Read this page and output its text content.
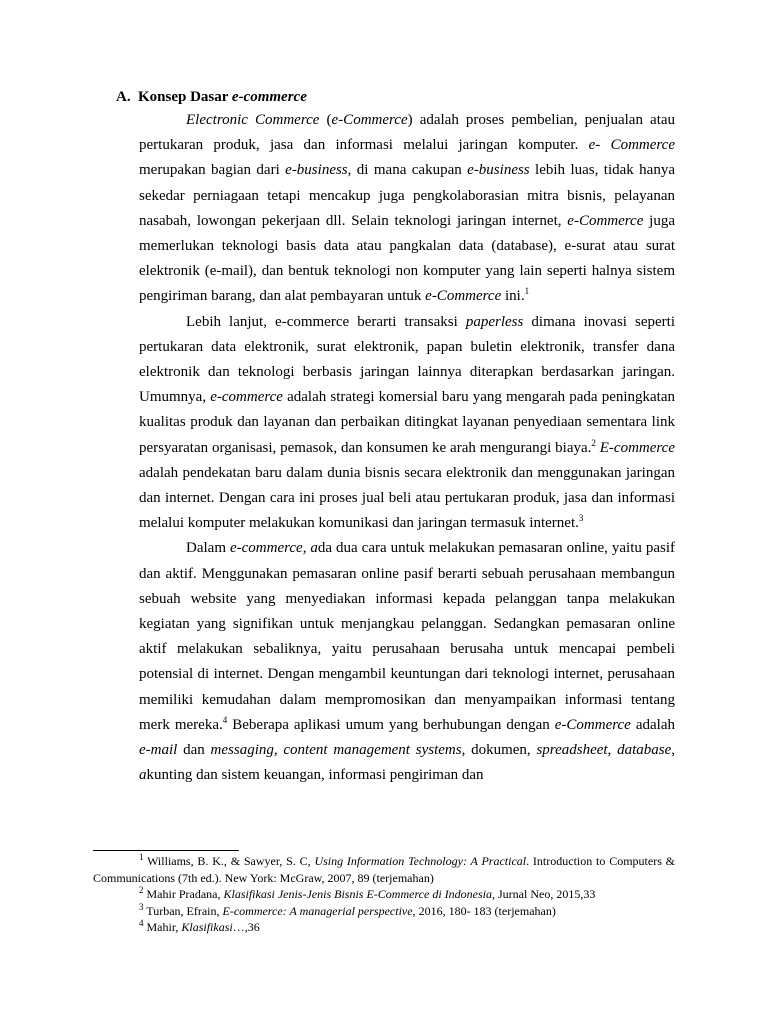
A. Konsep Dasar e-commerce

Electronic Commerce (e-Commerce) adalah proses pembelian, penjualan atau pertukaran produk, jasa dan informasi melalui jaringan komputer. e- Commerce merupakan bagian dari e-business, di mana cakupan e-business lebih luas, tidak hanya sekedar perniagaan tetapi mencakup juga pengkolaborasian mitra bisnis, pelayanan nasabah, lowongan pekerjaan dll. Selain teknologi jaringan internet, e-Commerce juga memerlukan teknologi basis data atau pangkalan data (database), e-surat atau surat elektronik (e-mail), dan bentuk teknologi non komputer yang lain seperti halnya sistem pengiriman barang, dan alat pembayaran untuk e-Commerce ini.$^1$

Lebih lanjut, e-commerce berarti transaksi paperless dimana inovasi seperti pertukaran data elektronik, surat elektronik, papan buletin elektronik, transfer dana elektronik dan teknologi berbasis jaringan lainnya diterapkan berdasarkan jaringan. Umumnya, e-commerce adalah strategi komersial baru yang mengarah pada peningkatan kualitas produk dan layanan dan perbaikan ditingkat layanan penyediaan sementara link persyaratan organisasi, pemasok, dan konsumen ke arah mengurangi biaya.$^2$ E-commerce adalah pendekatan baru dalam dunia bisnis secara elektronik dan menggunakan jaringan dan internet. Dengan cara ini proses jual beli atau pertukaran produk, jasa dan informasi melalui komputer melakukan komunikasi dan jaringan termasuk internet.$^3$

Dalam e-commerce, ada dua cara untuk melakukan pemasaran online, yaitu pasif dan aktif. Menggunakan pemasaran online pasif berarti sebuah perusahaan membangun sebuah website yang menyediakan informasi kepada pelanggan tanpa melakukan kegiatan yang signifikan untuk menjangkau pelanggan. Sedangkan pemasaran online aktif melakukan sebaliknya, yaitu perusahaan berusaha untuk mencapai pembeli potensial di internet. Dengan mengambil keuntungan dari teknologi internet, perusahaan memiliki kemudahan dalam mempromosikan dan menyampaikan informasi tentang merk mereka.$^4$ Beberapa aplikasi umum yang berhubungan dengan e-Commerce adalah e-mail dan messaging, content management systems, dokumen, spreadsheet, database, akunting dan sistem keuangan, informasi pengiriman dan

$^1$ Williams, B. K., & Sawyer, S. C, Using Information Technology: A Practical. Introduction to Computers & Communications (7th ed.). New York: McGraw, 2007, 89 (terjemahan)

$^2$ Mahir Pradana, Klasifikasi Jenis-Jenis Bisnis E-Commerce di Indonesia, Jurnal Neo, 2015,33

$^3$ Turban, Efrain, E-commerce: A managerial perspective, 2016, 180- 183 (terjemahan)

$^4$ Mahir, Klasifikasi…,36
